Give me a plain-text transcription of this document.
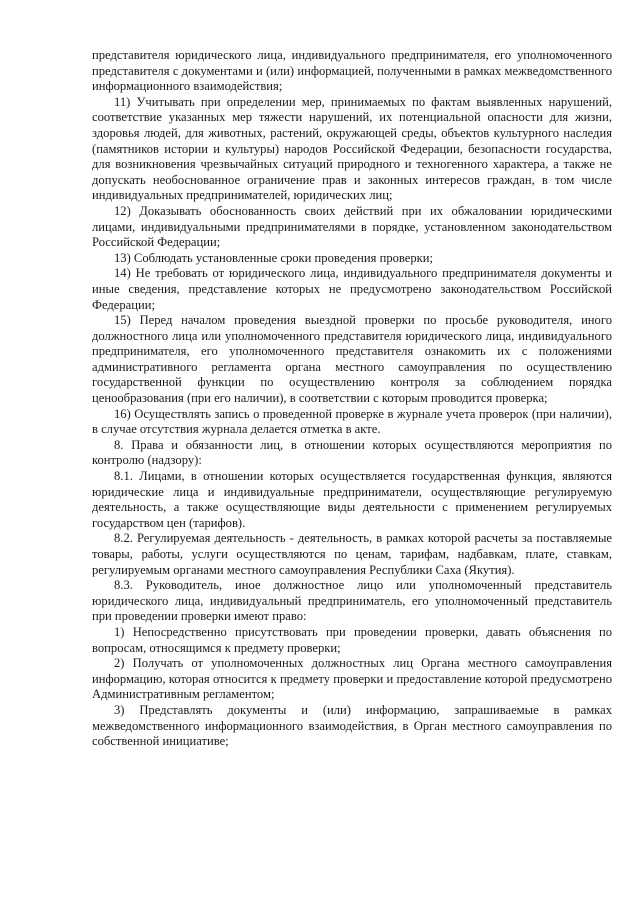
представителя юридического лица, индивидуального предпринимателя, его уполномоченного представителя с документами и (или) информацией, полученными в рамках межведомственного информационного взаимодействия;

11) Учитывать при определении мер, принимаемых по фактам выявленных нарушений, соответствие указанных мер тяжести нарушений, их потенциальной опасности для жизни, здоровья людей, для животных, растений, окружающей среды, объектов культурного наследия (памятников истории и культуры) народов Российской Федерации, безопасности государства, для возникновения чрезвычайных ситуаций природного и техногенного характера, а также не допускать необоснованное ограничение прав и законных интересов граждан, в том числе индивидуальных предпринимателей, юридических лиц;

12) Доказывать обоснованность своих действий при их обжаловании юридическими лицами, индивидуальными предпринимателями в порядке, установленном законодательством Российской Федерации;

13) Соблюдать установленные сроки проведения проверки;

14) Не требовать от юридического лица, индивидуального предпринимателя документы и иные сведения, представление которых не предусмотрено законодательством Российской Федерации;

15) Перед началом проведения выездной проверки по просьбе руководителя, иного должностного лица или уполномоченного представителя юридического лица, индивидуального предпринимателя, его уполномоченного представителя ознакомить их с положениями административного регламента органа местного самоуправления по осуществлению государственной функции по осуществлению контроля за соблюдением порядка ценообразования (при его наличии), в соответствии с которым проводится проверка;

16) Осуществлять запись о проведенной проверке в журнале учета проверок (при наличии), в случае отсутствия журнала делается отметка в акте.

8. Права и обязанности лиц, в отношении которых осуществляются мероприятия по контролю (надзору):

8.1. Лицами, в отношении которых осуществляется государственная функция, являются юридические лица и индивидуальные предприниматели, осуществляющие регулируемую деятельность, а также осуществляющие виды деятельности с применением регулируемых государством цен (тарифов).

8.2. Регулируемая деятельность - деятельность, в рамках которой расчеты за поставляемые товары, работы, услуги осуществляются по ценам, тарифам, надбавкам, плате, ставкам, регулируемым органами местного самоуправления Республики Саха (Якутия).

8.3. Руководитель, иное должностное лицо или уполномоченный представитель юридического лица, индивидуальный предприниматель, его уполномоченный представитель при проведении проверки имеют право:

1) Непосредственно присутствовать при проведении проверки, давать объяснения по вопросам, относящимся к предмету проверки;

2) Получать от уполномоченных должностных лиц Органа местного самоуправления информацию, которая относится к предмету проверки и предоставление которой предусмотрено Административным регламентом;

3) Представлять документы и (или) информацию, запрашиваемые в рамках межведомственного информационного взаимодействия, в Орган местного самоуправления по собственной инициативе;
